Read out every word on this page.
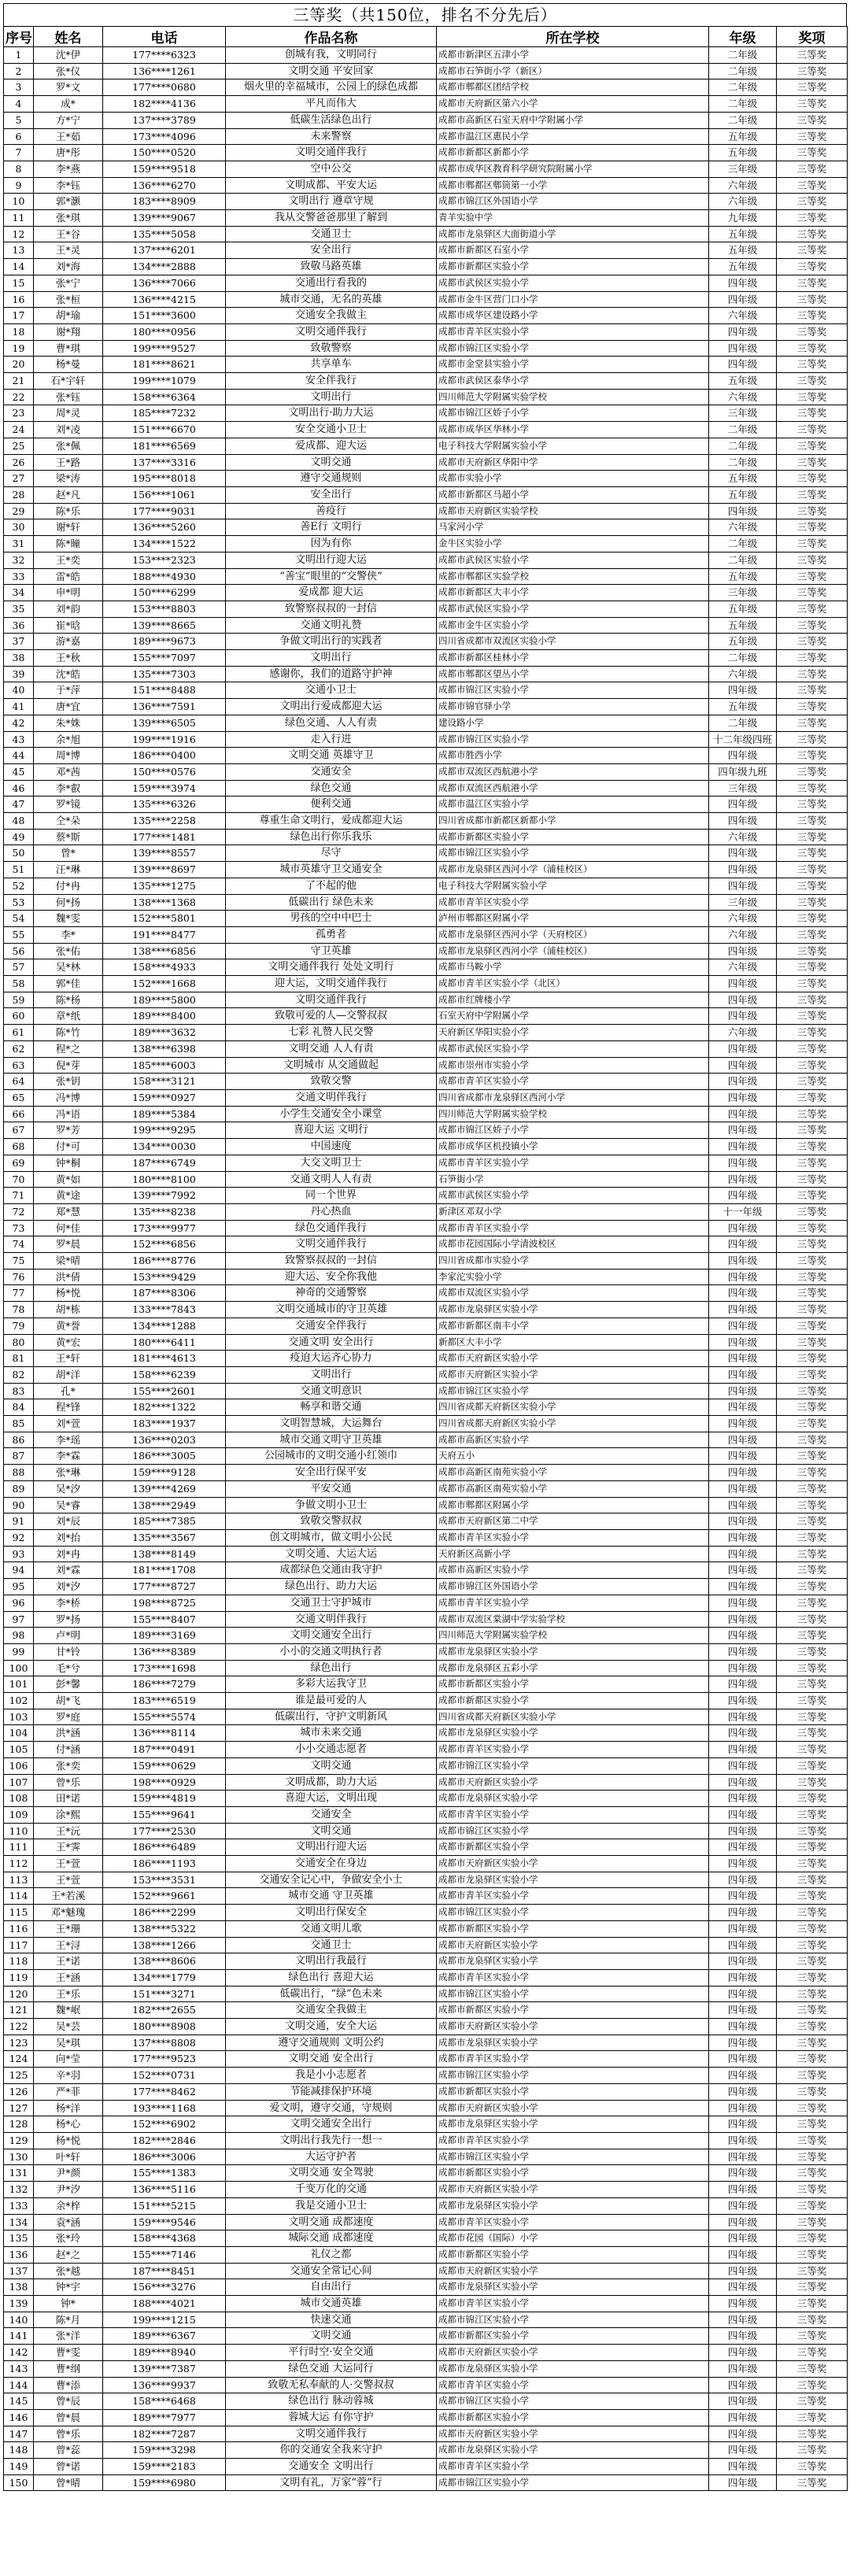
三等奖（共150位，排名不分先后）
序号	姓名	电话	作品名称	所在学校	年级	奖项
1	沈*伊	177****6323	创城有我，文明同行	成都市新津区五津小学	二年级	三等奖
2	张*仪	136****1261	文明交通 平安回家	成都市石笋街小学（新区）	二年级	三等奖
3	罗*文	177****0680	烟火里的幸福城市，公园上的绿色成都	成都市郫都区团结学校	二年级	三等奖
4	成*	182****4136	平凡而伟大	成都市天府新区第六小学	二年级	三等奖
5	方*宁	137****3789	低碳生活绿色出行	成都市高新区石室天府中学附属小学	二年级	三等奖
6	王*茹	173****4096	未来警察	成都市温江区惠民小学	五年级	三等奖
7	唐*彤	150****0520	文明交通伴我行	成都市新都区新都小学	五年级	三等奖
8	李*燕	159****9518	空中公交	成都市成华区教育科学研究院附属小学	三年级	三等奖
9	李*钰	136****6270	文明成都、平安大运	成都市郫都区郫筒第一小学	六年级	三等奖
10	郭*灏	183****8909	文明出行 遵章守规	成都市锦江区外国语小学	六年级	三等奖
11	张*琪	139****9067	我从交警爸爸那里了解到	青羊实验中学	九年级	三等奖
12	王*谷	135****5058	交通卫士	成都市龙泉驿区大面街道小学	五年级	三等奖
13	王*灵	137****6201	安全出行	成都市新都区石室小学	五年级	三等奖
14	刘*海	134****2888	致敬马路英雄	成都市新都区实验小学	五年级	三等奖
15	张*宁	136****7066	交通出行看我的	成都市武侯区实验小学	四年级	三等奖
16	张*桓	136****4215	城市交通，无名的英雄	成都市金牛区营门口小学	四年级	三等奖
17	胡*瑜	151****3600	交通安全我做主	成都市成华区建设路小学	六年级	三等奖
18	谢*翔	180****0956	文明交通伴我行	成都市青羊区实验小学	四年级	三等奖
19	曹*琪	199****9527	致敬警察	成都市锦江区实验小学	四年级	三等奖
20	杨*曼	181****8621	共享单车	成都市金堂县实验小学	四年级	三等奖
21	石*宇轩	199****1079	安全伴我行	成都市武侯区泰华小学	五年级	三等奖
22	张*钰	158****6364	文明出行	四川师范大学附属实验学校	六年级	三等奖
23	周*灵	185****7232	文明出行·助力大运	成都市锦江区娇子小学	三年级	三等奖
24	刘*凌	151****6670	安全交通小卫士	成都市成华区华林小学	二年级	三等奖
25	张*佩	181****6569	爱成都、迎大运	电子科技大学附属实验小学	二年级	三等奖
26	王*路	137****3316	文明交通	成都市天府新区华阳中学	二年级	三等奖
27	梁*涛	195****8018	遵守交通规则	成都市实验小学	五年级	三等奖
28	赵*凡	156****1061	安全出行	成都市新都区马超小学	五年级	三等奖
29	陈*乐	177****9031	善疫行	成都市天府新区实验学校	四年级	三等奖
30	谢*轩	136****5260	善E行 文明行	马家河小学	六年级	三等奖
31	陈*瞳	134****1522	因为有你	金牛区实验小学	二年级	三等奖
32	王*奕	153****2323	文明出行迎大运	成都市武侯区实验小学	二年级	三等奖
33	雷*皓	188****4930	“善宝”眼里的“交警侠”	成都市郫都区实验学校	五年级	三等奖
34	申*明	150****6299	爱成都 迎大运	成都市新都区大丰小学	三年级	三等奖
35	刘*韵	153****8803	致警察叔叔的一封信	成都市武侯区实验小学	五年级	三等奖
36	崔*晗	139****8665	交通文明礼赞	成都市金牛区实验小学	五年级	三等奖
37	游*嘉	189****9673	争做文明出行的实践者	四川省成都市双流区实验小学	五年级	三等奖
38	王*秋	155****7097	文明出行	成都市新都区桂林小学	二年级	三等奖
39	沈*皓	135****7303	感谢你，我们的道路守护神	成都市郫都区望丛小学	六年级	三等奖
40	于*萍	151****8488	交通小卫士	成都市锦江区实验小学	四年级	三等奖
41	唐*宜	136****7591	文明出行爱成都迎大运	成都市锦官驿小学	五年级	三等奖
42	朱*姝	139****6505	绿色交通、人人有责	建设路小学	二年级	三等奖
43	余*旭	199****1916	走入行进	成都市锦江区实验小学	十二年级四班	三等奖
44	周*博	186****0400	文明交通 英雄守卫	成都市胜西小学	四年级	三等奖
45	邓*茜	150****0576	交通安全	成都市双流区西航港小学	四年级九班	三等奖
46	李*叡	159****3974	绿色交通	成都市双流区西航港小学	三年级	三等奖
47	罗*镜	135****6326	便利交通	成都市温江区实验小学	四年级	三等奖
48	仝*朵	135****2258	尊重生命文明行，爱成都迎大运	四川省成都市新都区新都小学	四年级	三等奖
49	蔡*斯	177****1481	绿色出行你乐我乐	成都市新都区实验小学	六年级	三等奖
50	曾*	139****8557	尽守	成都市锦江区实验小学	四年级	三等奖
51	汪*琳	139****8697	城市英雄守卫交通安全	成都市龙泉驿区西河小学（浦桂校区）	四年级	三等奖
52	付*冉	135****1275	了不起的他	电子科技大学附属实验小学	四年级	三等奖
53	何*扬	138****1368	低碳出行 绿色未来	成都市青羊区实验小学	三年级	三等奖
54	魏*雯	152****5801	男孩的空中中巴士	泸州市郫都区附属小学	六年级	三等奖
55	李*	191****8477	孤勇者	成都市龙泉驿区西河小学（天府校区）	六年级	三等奖
56	张*佑	138****6856	守卫英雄	成都市龙泉驿区西河小学（浦桂校区）	四年级	三等奖
57	吴*林	158****4933	文明交通伴我行 处处文明行	成都市马鞍小学	六年级	三等奖
58	郭*佳	152****1668	迎大运，文明交通伴我行	成都市青羊区实验小学（北区）	四年级	三等奖
59	陈*杨	189****5800	文明交通伴我行	成都市红牌楼小学	四年级	三等奖
60	章*纸	189****8400	致敬可爱的人—交警叔叔	石室天府中学附属小学	四年级	三等奖
61	陈*竹	189****3632	七彩 礼赞人民交警	天府新区华阳实验小学	六年级	三等奖
62	程*之	138****6398	文明交通 人人有责	成都市武侯区实验小学	四年级	三等奖
63	倪*芽	185****6003	文明城市 从交通做起	成都市崇州市实验小学	四年级	三等奖
64	张*钥	158****3121	致敬交警	成都市青羊区实验小学	四年级	三等奖
65	冯*博	159****0927	交通文明伴我行	四川省成都市龙泉驿区西河小学	四年级	三等奖
66	冯*语	189****5384	小学生交通安全小课堂	四川师范大学附属实验学校	四年级	三等奖
67	罗*芳	199****9295	喜迎大运 文明行	成都市锦江区娇子小学	四年级	三等奖
68	付*可	134****0030	中国速度	成都市成华区机投镇小学	四年级	三等奖
69	钟*桐	187****6749	大交文明卫士	成都市青羊区实验小学	四年级	三等奖
70	黄*如	180****8100	交通文明人人有责	石笋街小学	四年级	三等奖
71	黄*途	139****7992	同一个世界	成都市武侯区实验小学	四年级	三等奖
72	郑*慧	135****8238	丹心热血	新津区邓双小学	十一年级	三等奖
73	何*佳	173****9977	绿色交通伴我行	成都市青羊区实验小学	四年级	三等奖
74	罗*晨	152****6856	文明交通伴我行	成都市花园国际小学清波校区	四年级	三等奖
75	梁*晴	186****8776	致警察叔叔的一封信	四川省成都市实验小学	四年级	三等奖
76	洪*倩	153****9429	迎大运、安全你我他	李家沱实验小学	四年级	三等奖
77	杨*悦	187****8306	神奇的交通警察	成都市双流区实验小学	四年级	三等奖
78	胡*栋	133****7843	文明交通城市的守卫英雄	成都市龙泉驿区实验小学	四年级	三等奖
79	黄*誉	134****1288	交通安全伴我行	成都市新都区南丰小学	四年级	三等奖
80	黄*宏	180****6411	交通文明 安全出行	新都区大丰小学	四年级	三等奖
81	王*轩	181****4613	疫迫大运齐心协力	成都市天府新区实验小学	四年级	三等奖
82	胡*洋	158****6239	文明出行	成都市天府新区实验小学	四年级	三等奖
83	孔*	155****2601	交通文明意识	成都市锦江区实验小学	四年级	三等奖
84	程*锋	182****1322	畅享和谐交通	四川省成都天府新区实验小学	四年级	三等奖
85	刘*萱	183****1937	文明智慧城，大运舞台	四川省成都天府新区实验小学	四年级	三等奖
86	李*瑶	136****0203	城市交通文明守卫英雄	成都市高新区实验小学	四年级	三等奖
87	李*霖	186****3005	公园城市的文明交通小红领巾	天府五小	四年级	三等奖
88	张*琳	159****9128	安全出行保平安	成都市高新区南苑实验小学	四年级	三等奖
89	吴*汐	139****4269	平安交通	成都市高新区南苑实验小学	四年级	三等奖
90	吴*睿	138****2949	争做文明小卫士	成都市郫都区附属小学	四年级	三等奖
91	刘*辰	185****7385	致敬交警叔叔	成都市天府新区第二中学	四年级	三等奖
92	刘*抬	135****3567	创文明城市，做文明小公民	成都市青羊区实验小学	四年级	三等奖
93	刘*冉	138****8149	文明交通、大运大运	天府新区高新小学	四年级	三等奖
94	刘*霖	181****1708	成都绿色交通由我守护	成都市高新区实验小学	四年级	三等奖
95	刘*汐	177****8727	绿色出行、助力大运	成都市锦江区外国语小学	四年级	三等奖
96	李*桥	198****8725	交通卫士守护城市	成都市青羊区实验小学	四年级	三等奖
97	罗*扬	155****8407	交通文明伴我行	成都市双流区棠湖中学实验学校	四年级	三等奖
98	卢*明	189****3169	文明交通安全出行	四川师范大学附属实验学校	四年级	三等奖
99	甘*铃	136****8389	小小的交通文明执行者	成都市龙泉驿区实验小学	四年级	三等奖
100	毛*兮	173****1698	绿色出行	成都市龙泉驿区五彩小学	四年级	三等奖
101	彭*馨	186****7279	多彩大运我守卫	成都市新都区实验小学	四年级	三等奖
102	胡*飞	183****6519	谁是最可爱的人	成都市新都区实验小学	四年级	三等奖
103	罗*庭	155****5574	低碳出行，守护文明新风	四川省成都天府新区实验小学	四年级	三等奖
104	洪*涵	136****8114	城市未来交通	成都市龙泉驿区实验小学	四年级	三等奖
105	付*涵	187****0491	小小交通志愿者	成都市青羊区实验小学	四年级	三等奖
106	张*奕	159****0629	文明交通	成都市锦江区实验小学	四年级	三等奖
107	曾*乐	198****0929	文明成都，助力大运	成都市天府新区实验小学	四年级	三等奖
108	田*诺	159****4819	喜迎大运，文明出现	成都市龙泉驿区实验小学	四年级	三等奖
109	涂*熙	155****9641	交通安全	成都市青羊区实验小学	四年级	三等奖
110	王*沅	177****2530	文明交通	成都市锦江区实验小学	四年级	三等奖
111	王*霁	186****6489	文明出行迎大运	成都市新都区实验小学	四年级	三等奖
112	王*萱	186****1193	交通安全在身边	成都市天府新区实验小学	四年级	三等奖
113	王*萱	153****3531	交通安全记心中，争做安全小士	成都市龙泉驿区实验小学	四年级	三等奖
114	王*若溪	152****9661	城市交通 守卫英雄	成都市青羊区实验小学	四年级	三等奖
115	邓*魅瑰	186****2299	文明出行保安全	成都市锦江区实验小学	四年级	三等奖
116	王*珊	138****5322	交通文明儿歌	成都市新都区实验小学	四年级	三等奖
117	王*浔	138****1266	交通卫士	成都市天府新区实验小学	四年级	三等奖
118	王*诺	138****8606	文明出行我最行	成都市龙泉驿区实验小学	四年级	三等奖
119	王*涵	134****1779	绿色出行 喜迎大运	成都市青羊区实验小学	四年级	三等奖
120	王*乐	151****3271	低碳出行，“绿”色未来	成都市锦江区实验小学	四年级	三等奖
121	魏*岷	182****2655	交通安全我做主	成都市新都区实验小学	四年级	三等奖
122	吴*芸	180****8908	文明交通，安全大运	成都市天府新区实验小学	四年级	三等奖
123	吴*琪	137****8808	遵守交通规则 文明公约	成都市龙泉驿区实验小学	四年级	三等奖
124	向*莹	177****9523	文明交通 安全出行	成都市青羊区实验小学	四年级	三等奖
125	辛*羽	152****0731	我是小小志愿者	成都市锦江区实验小学	四年级	三等奖
126	严*菲	177****8462	节能减排保护环境	成都市新都区实验小学	四年级	三等奖
127	杨*洋	193****1168	爱文明，遵守交通，守规则	成都市天府新区实验小学	四年级	三等奖
128	杨*心	152****6902	文明交通安全出行	成都市龙泉驿区实验小学	四年级	三等奖
129	杨*悦	182****2846	文明出行我先行一想一	成都市青羊区实验小学	四年级	三等奖
130	叶*轩	186****3006	大运守护者	成都市锦江区实验小学	四年级	三等奖
131	尹*颜	155****1383	文明交通 安全驾驶	成都市新都区实验小学	四年级	三等奖
132	尹*汐	136****5116	千变万化的交通	成都市天府新区实验小学	四年级	三等奖
133	余*梓	151****5215	我是交通小卫士	成都市龙泉驿区实验小学	四年级	三等奖
134	袁*涵	159****9546	文明交通 成都速度	成都市青羊区实验小学	四年级	三等奖
135	张*玲	158****4368	城际交通 成都速度	成都市花园（国际）小学	四年级	三等奖
136	赵*之	155****7146	礼仪之都	成都市新都区实验小学	四年级	三等奖
137	张*越	187****8451	交通安全常记心间	成都市天府新区实验小学	四年级	三等奖
138	钟*宇	156****3276	自由出行	成都市龙泉驿区实验小学	四年级	三等奖
139	钟*	188****4021	城市交通英雄	成都市青羊区实验小学	四年级	三等奖
140	陈*月	199****1215	快速交通	成都市锦江区实验小学	四年级	三等奖
141	张*洋	189****6367	文明交通	成都市新都区实验小学	四年级	三等奖
142	曹*雯	189****8940	平行时空·安全交通	成都市天府新区实验小学	四年级	三等奖
143	曹*纲	139****7387	绿色交通 大运同行	成都市龙泉驿区实验小学	四年级	三等奖
144	曹*添	136****9937	致敬无私奉献的人·交警叔叔	成都市青羊区实验小学	四年级	三等奖
145	曾*辰	158****6468	绿色出行 脉动蓉城	成都市锦江区实验小学	四年级	三等奖
146	曾*晨	189****7977	蓉城大运 有你守护	成都市新都区实验小学	四年级	三等奖
147	曾*乐	182****7287	文明交通伴我行	成都市天府新区实验小学	四年级	三等奖
148	曾*蕊	159****3298	你的交通安全我来守护	成都市龙泉驿区实验小学	四年级	三等奖
149	曾*诺	159****2183	交通安全 文明出行	成都市青羊区实验小学	四年级	三等奖
150	曾*晴	159****6980	文明有礼，万家“蓉”行	成都市锦江区实验小学	四年级	三等奖
